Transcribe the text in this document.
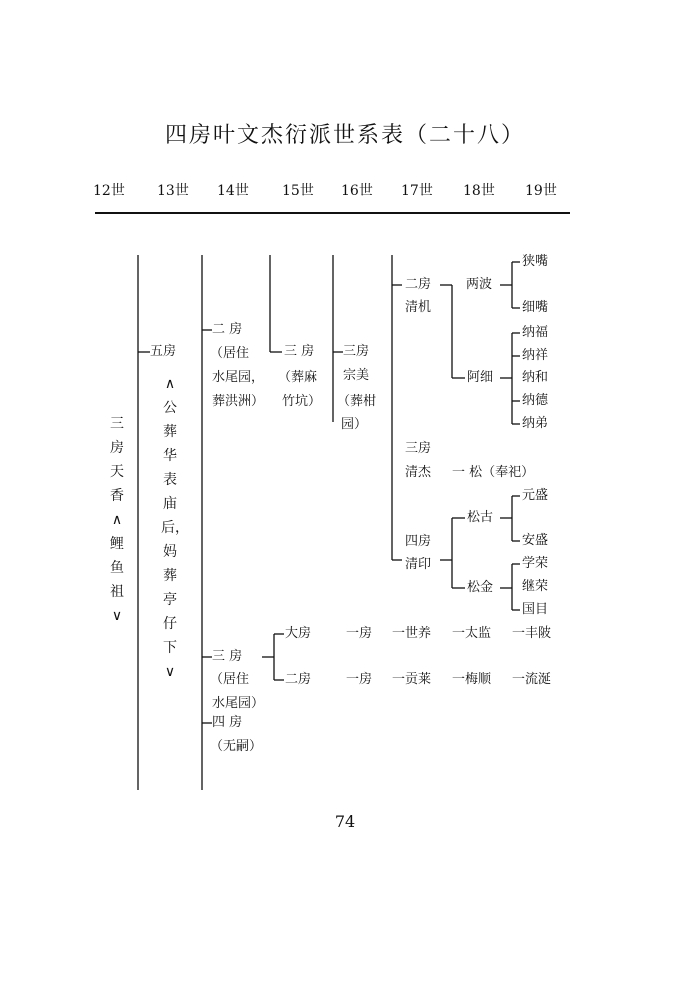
四房叶文杰衍派世系表（二十八）
12世 13世 14世 15世 16世 17世 18世 19世
三房天香∧鲤鱼祖∨
五房
∧公葬华表庙后，妈葬亭仔下∨
二 房
（居住
水尾园，
葬洪洲）
三 房
（葬麻
竹坑）
三房
宗美
（葬柑
园）
二房
清机
三房
清杰
四房
清印
两波
阿细
一 松（奉祀）
松古
松金
狭嘴
细嘴
纳福
纳祥
纳和
纳德
纳弟
元盛
安盛
学荣
继荣
国目
三 房
（居住
水尾园）
四 房
（无嗣）
大房
二房
一房 一世养 一太监 一丰陂
一房 一贡莱 一梅顺 一流涎
74
